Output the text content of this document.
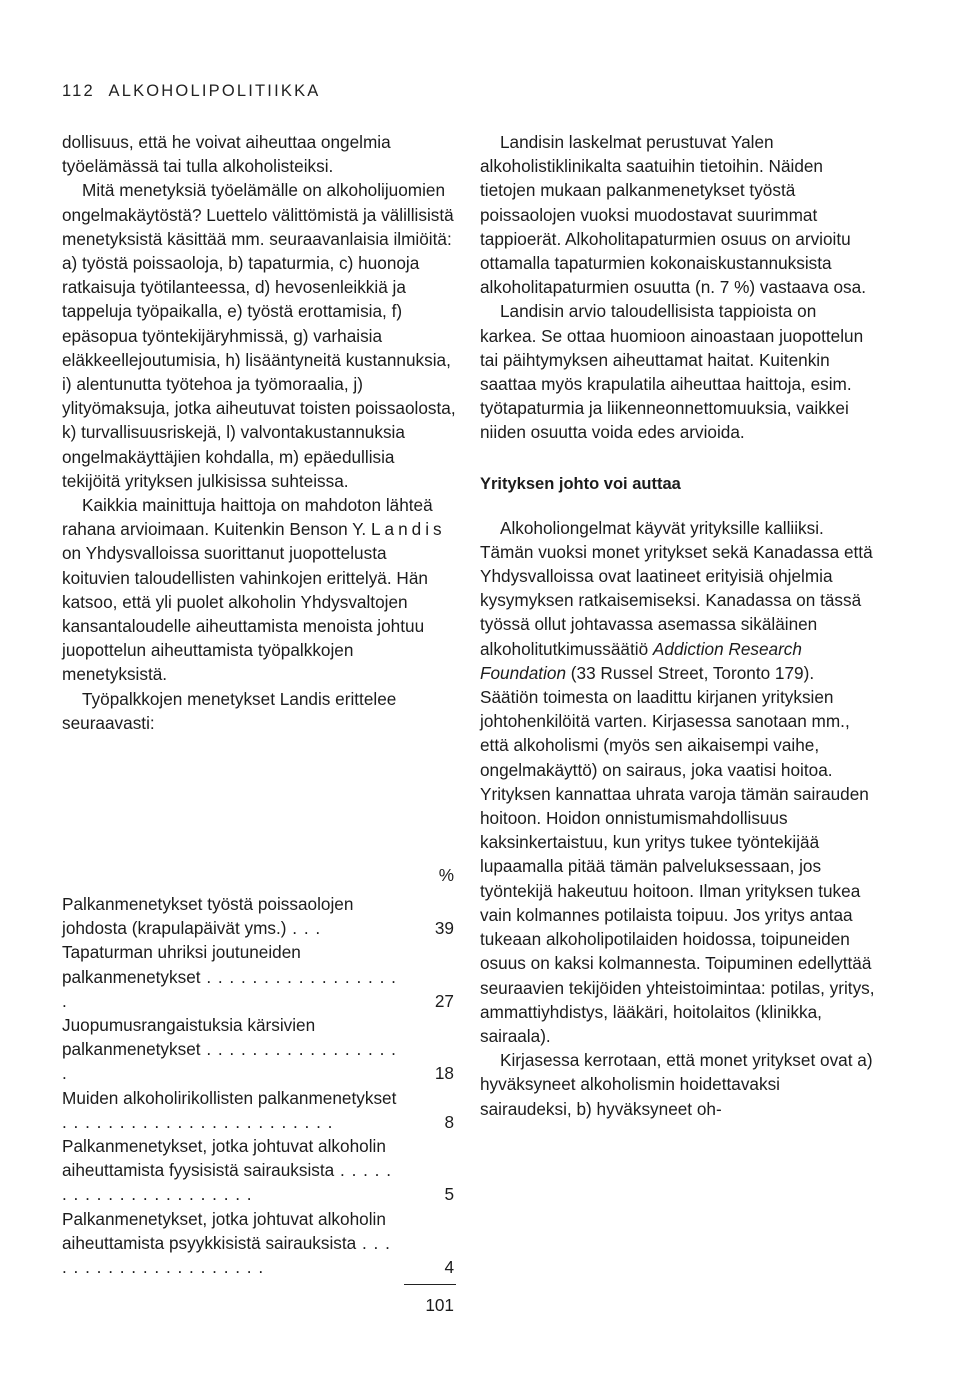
112 ALKOHOLIPOLITIIKKA

dollisuus, että he voivat aiheuttaa ongelmia työelämässä tai tulla alkoholisteiksi.

Mitä menetyksiä työelämälle on alkoholijuomien ongelmakäytöstä? Luettelo välittömistä ja välillisistä menetyksistä käsittää mm. seuraavanlaisia ilmiöitä: a) työstä poissaoloja, b) tapaturmia, c) huonoja ratkaisuja työtilanteessa, d) hevosenleikkiä ja tappeluja työpaikalla, e) työstä erottamisia, f) epäsopua työntekijäryhmissä, g) varhaisia eläkkeellejoutumisia, h) lisääntyneitä kustannuksia, i) alentunutta työtehoa ja työmoraalia, j) ylityömaksuja, jotka aiheutuvat toisten poissaolosta, k) turvallisuusriskejä, l) valvontakustannuksia ongelmakäyttäjien kohdalla, m) epäedullisia tekijöitä yrityksen julkisissa suhteissa.

Kaikkia mainittuja haittoja on mahdoton lähteä rahana arvioimaan. Kuitenkin Benson Y. Landis on Yhdysvalloissa suorittanut juopottelusta koituvien taloudellisten vahinkojen erittelyä. Hän katsoo, että yli puolet alkoholin Yhdysvaltojen kansantaloudelle aiheuttamista menoista johtuu juopottelun aiheuttamista työpalkkojen menetyksistä.

Työpalkkojen menetykset Landis erittelee seuraavasti:

%
Palkanmenetykset työstä poissaolojen johdosta (krapulapäivät yms.) . . .	39
Tapaturman uhriksi joutuneiden palkanmenetykset . . . . . . . . . . . . . . . . . .	27
Juopumusrangaistuksia kärsivien palkanmenetykset . . . . . . . . . . . . . . . . . .	18
Muiden alkoholirikollisten palkanmenetykset . . . . . . . . . . . . . . . . . . . . . . . .	8
Palkanmenetykset, jotka johtuvat alkoholin aiheuttamista fyysisistä sairauksista . . . . . . . . . . . . . . . . . . . . . .	5
Palkanmenetykset, jotka johtuvat alkoholin aiheuttamista psyykkisistä sairauksista . . . . . . . . . . . . . . . . . . . . .	4
101

Landisin laskelmat perustuvat Yalen alkoholistiklinikalta saatuihin tietoihin. Näiden tietojen mukaan palkanmenetykset työstä poissaolojen vuoksi muodostavat suurimmat tappioerät. Alkoholitapaturmien osuus on arvioitu ottamalla tapaturmien kokonaiskustannuksista alkoholitapaturmien osuutta (n. 7 %) vastaava osa.

Landisin arvio taloudellisista tappioista on karkea. Se ottaa huomioon ainoastaan juopottelun tai päihtymyksen aiheuttamat haitat. Kuitenkin saattaa myös krapulatila aiheuttaa haittoja, esim. työtapaturmia ja liikenneonnettomuuksia, vaikkei niiden osuutta voida edes arvioida.

Yrityksen johto voi auttaa

Alkoholiongelmat käyvät yrityksille kalliiksi. Tämän vuoksi monet yritykset sekä Kanadassa että Yhdysvalloissa ovat laatineet erityisiä ohjelmia kysymyksen ratkaisemiseksi. Kanadassa on tässä työssä ollut johtavassa asemassa sikäläinen alkoholitutkimussäätiö Addiction Research Foundation (33 Russel Street, Toronto 179). Säätiön toimesta on laadittu kirjanen yrityksien johtohenkilöitä varten. Kirjasessa sanotaan mm., että alkoholismi (myös sen aikaisempi vaihe, ongelmakäyttö) on sairaus, joka vaatisi hoitoa. Yrityksen kannattaa uhrata varoja tämän sairauden hoitoon. Hoidon onnistumismahdollisuus kaksinkertaistuu, kun yritys tukee työntekijää lupaamalla pitää tämän palveluksessaan, jos työntekijä hakeutuu hoitoon. Ilman yrityksen tukea vain kolmannes potilaista toipuu. Jos yritys antaa tukeaan alkoholipotilaiden hoidossa, toipuneiden osuus on kaksi kolmannesta. Toipuminen edellyttää seuraavien tekijöiden yhteistoimintaa: potilas, yritys, ammattiyhdistys, lääkäri, hoitolaitos (klinikka, sairaala).

Kirjasessa kerrotaan, että monet yritykset ovat a) hyväksyneet alkoholismin hoidettavaksi sairaudeksi, b) hyväksyneet oh-
